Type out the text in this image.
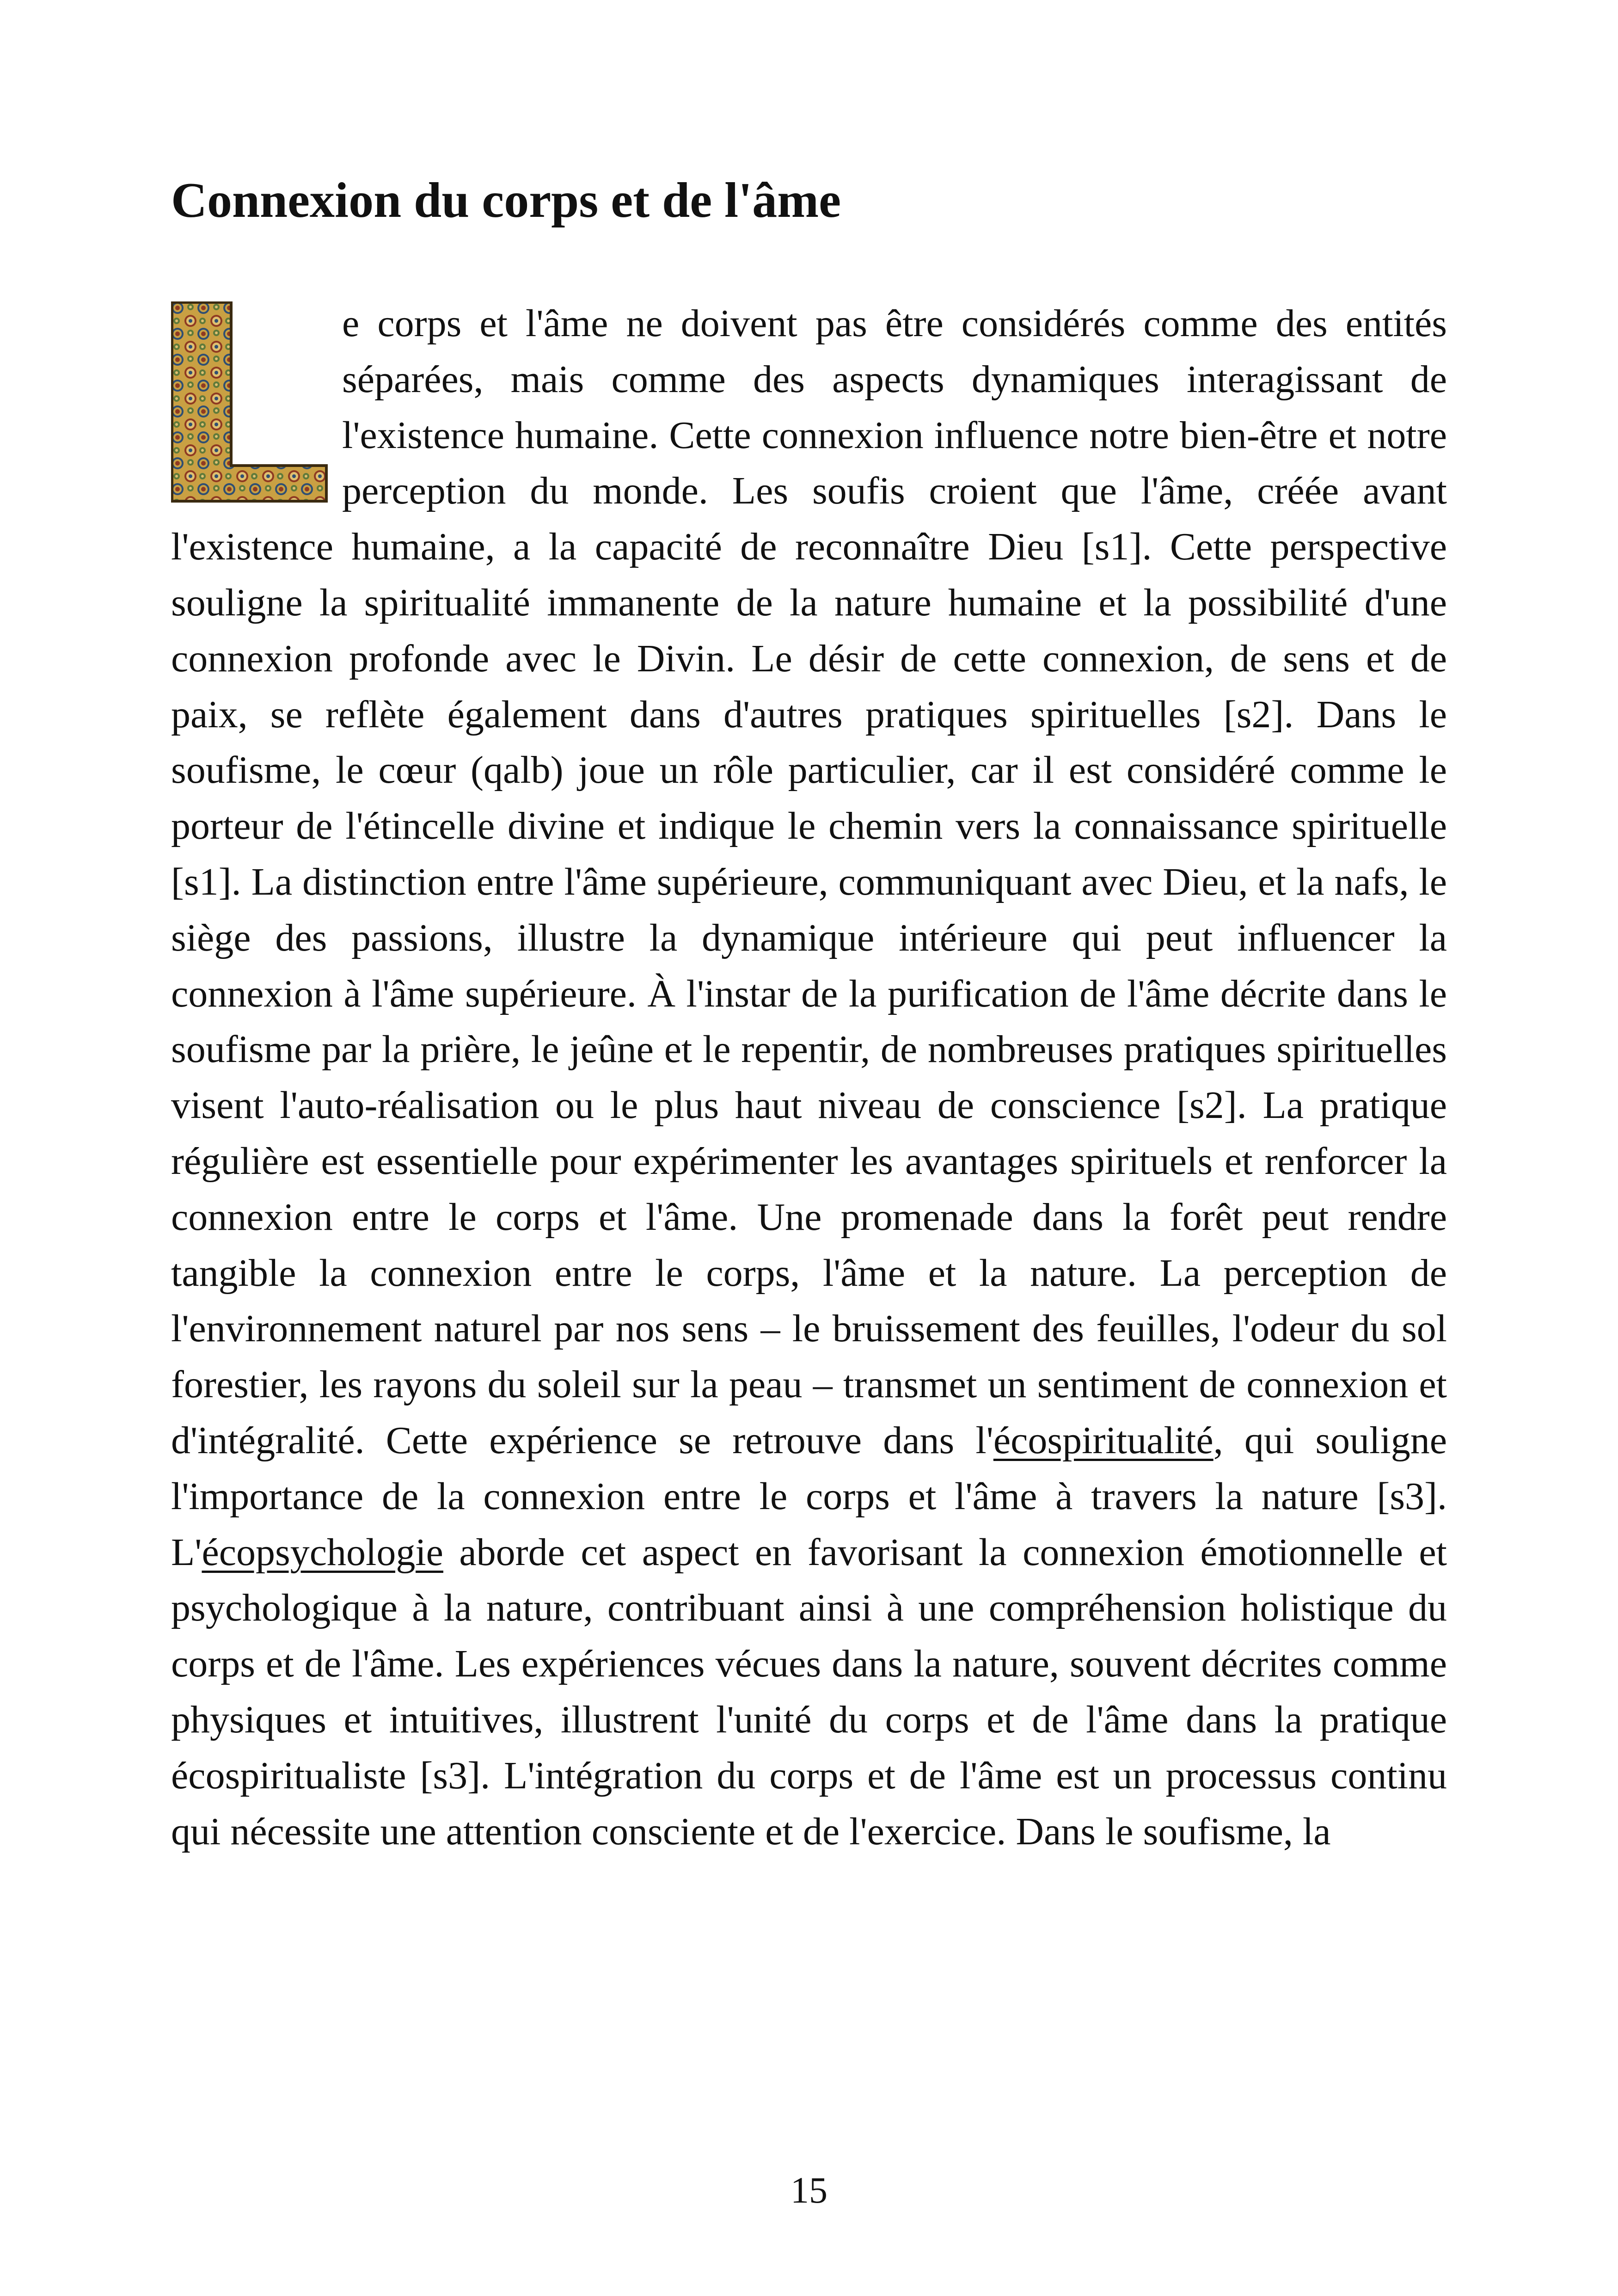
Connexion du corps et de l'âme

e corps et l'âme ne doivent pas être considérés comme des entités séparées, mais comme des aspects dynamiques interagissant de l'existence humaine. Cette connexion influence notre bien-être et notre perception du monde. Les soufis croient que l'âme, créée avant l'existence humaine, a la capacité de reconnaître Dieu [s1]. Cette perspective souligne la spiritualité immanente de la nature humaine et la possibilité d'une connexion profonde avec le Divin. Le désir de cette connexion, de sens et de paix, se reflète également dans d'autres pratiques spirituelles [s2]. Dans le soufisme, le cœur (qalb) joue un rôle particulier, car il est considéré comme le porteur de l'étincelle divine et indique le chemin vers la connaissance spirituelle [s1]. La distinction entre l'âme supérieure, communiquant avec Dieu, et la nafs, le siège des passions, illustre la dynamique intérieure qui peut influencer la connexion à l'âme supérieure. À l'instar de la purification de l'âme décrite dans le soufisme par la prière, le jeûne et le repentir, de nombreuses pratiques spirituelles visent l'auto-réalisation ou le plus haut niveau de conscience [s2]. La pratique régulière est essentielle pour expérimenter les avantages spirituels et renforcer la connexion entre le corps et l'âme. Une promenade dans la forêt peut rendre tangible la connexion entre le corps, l'âme et la nature. La perception de l'environnement naturel par nos sens – le bruissement des feuilles, l'odeur du sol forestier, les rayons du soleil sur la peau – transmet un sentiment de connexion et d'intégralité. Cette expérience se retrouve dans l'écospiritualité, qui souligne l'importance de la connexion entre le corps et l'âme à travers la nature [s3]. L'écopsychologie aborde cet aspect en favorisant la connexion émotionnelle et psychologique à la nature, contribuant ainsi à une compréhension holistique du corps et de l'âme. Les expériences vécues dans la nature, souvent décrites comme physiques et intuitives, illustrent l'unité du corps et de l'âme dans la pratique écospiritualiste [s3]. L'intégration du corps et de l'âme est un processus continu qui nécessite une attention consciente et de l'exercice. Dans le soufisme, la

15
